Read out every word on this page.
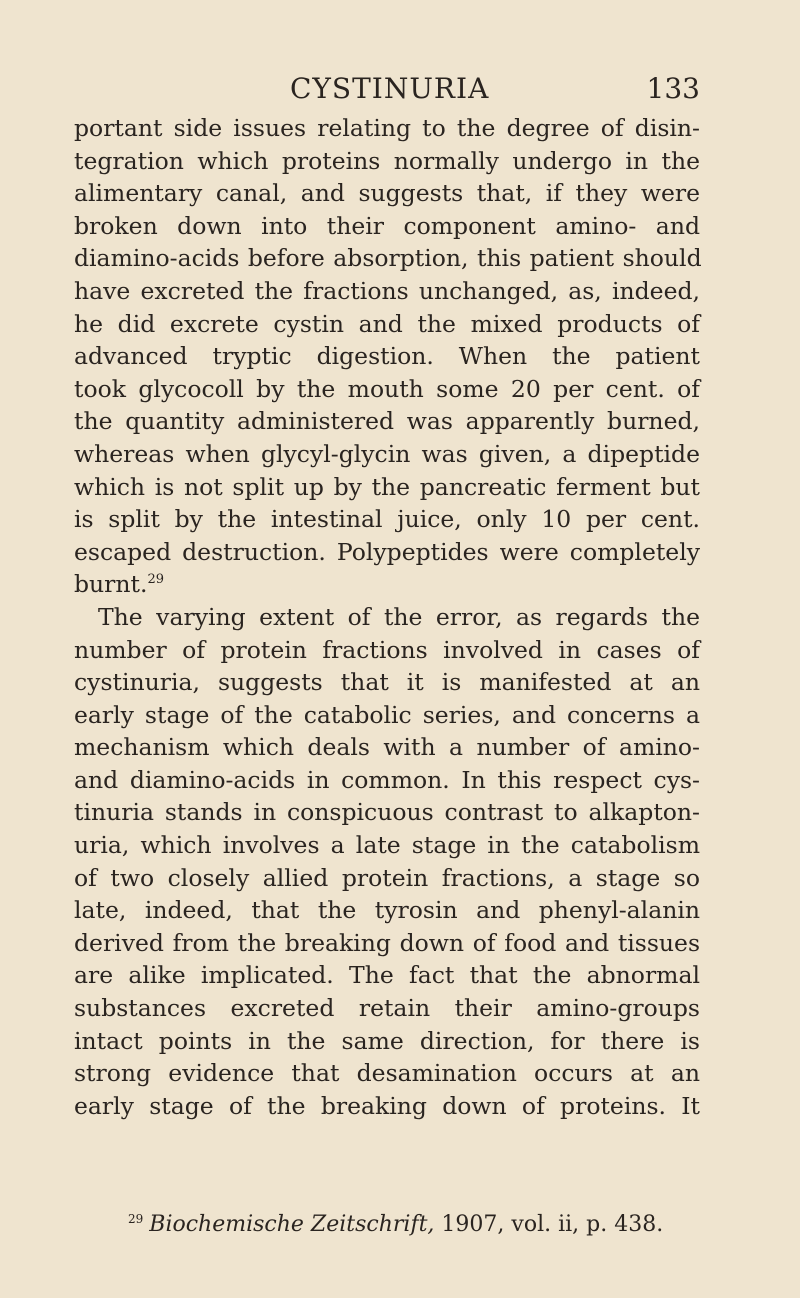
CYSTINURIA	133
portant side issues relating to the degree of disin-
tegration which proteins normally undergo in the
alimentary canal, and suggests that, if they were
broken down into their component amino- and
diamino-acids before absorption, this patient should
have excreted the fractions unchanged, as, indeed,
he did excrete cystin and the mixed products of
advanced tryptic digestion. When the patient
took glycocoll by the mouth some 20 per cent. of
the quantity administered was apparently burned,
whereas when glycyl-glycin was given, a dipeptide
which is not split up by the pancreatic ferment but
is split by the intestinal juice, only 10 per cent.
escaped destruction. Polypeptides were completely
burnt.$^{29}$
The varying extent of the error, as regards the
number of protein fractions involved in cases of
cystinuria, suggests that it is manifested at an
early stage of the catabolic series, and concerns a
mechanism which deals with a number of amino-
and diamino-acids in common. In this respect cys-
tinuria stands in conspicuous contrast to alkapton-
uria, which involves a late stage in the catabolism
of two closely allied protein fractions, a stage so
late, indeed, that the tyrosin and phenyl-alanin
derived from the breaking down of food and tissues
are alike implicated. The fact that the abnormal
substances excreted retain their amino-groups
intact points in the same direction, for there is
strong evidence that desamination occurs at an
early stage of the breaking down of proteins. It
$^{29}$ Biochemische Zeitschrift, 1907, vol. ii, p. 438.
